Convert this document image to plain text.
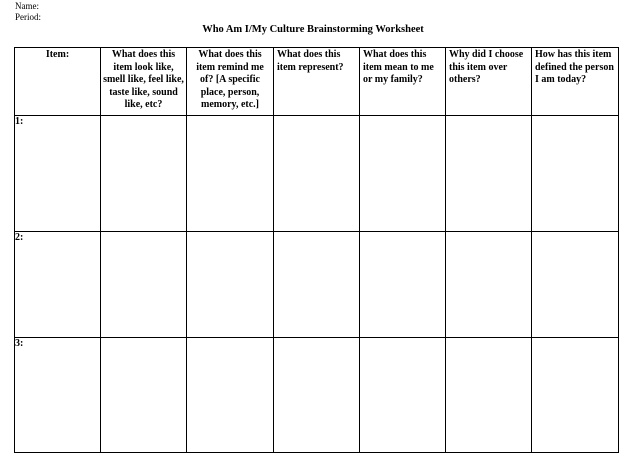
Name:
Period:
Who Am I/My Culture Brainstorming Worksheet
Item:	What does this item look like, smell like, feel like, taste like, sound like, etc?	What does this item remind me of? [A specific place, person, memory, etc.]	What does this item represent?	What does this item mean to me or my family?	Why did I choose this item over others?	How has this item defined the person I am today?
1:						
2:						
3:						
